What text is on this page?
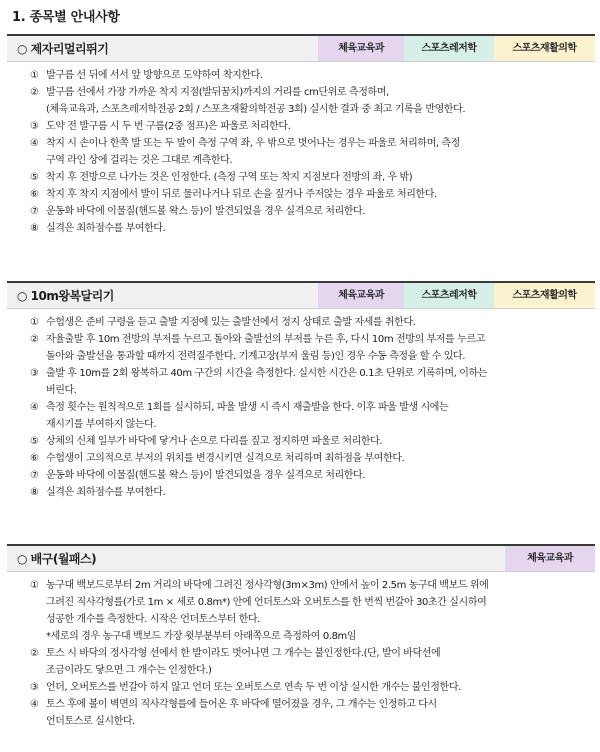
1. 종목별 안내사항
○ 제자리멀리뛰기	체육교육과	스포츠레저학	스포츠재활의학
① 발구름 선 뒤에 서서 앞 방향으로 도약하여 착지한다.
② 발구름 선에서 가장 가까운 착지 지점(발뒤꿈치)까지의 거리를 cm단위로 측정하며,
(체육교육과, 스포츠레저학전공 2회 / 스포츠재활의학전공 3회) 실시한 결과 중 최고 기록을 반영한다.
③ 도약 전 발구름 시 두 번 구름(2중 점프)은 파울로 처리한다.
④ 착지 시 손이나 한쪽 발 또는 두 발이 측정 구역 좌, 우 밖으로 벗어나는 경우는 파울로 처리하며, 측정
구역 라인 상에 걸리는 것은 그대로 계측한다.
⑤ 착지 후 전방으로 나가는 것은 인정한다. (측정 구역 또는 착지 지점보다 전방의 좌, 우 밖)
⑥ 착지 후 착지 지점에서 발이 뒤로 물러나거나 뒤로 손을 짚거나 주저앉는 경우 파울로 처리한다.
⑦ 운동화 바닥에 이물질(핸드볼 왁스 등)이 발견되었을 경우 실격으로 처리한다.
⑧ 실격은 최하점수를 부여한다.
○ 10m왕복달리기	체육교육과	스포츠레저학	스포츠재활의학
① 수험생은 준비 구령을 듣고 출발 지점에 있는 출발선에서 정지 상태로 출발 자세를 취한다.
② 자율출발 후 10m 전방의 부저를 누르고 돌아와 출발선의 부저를 누른 후, 다시 10m 전방의 부저를 누르고
돌아와 출발선을 통과할 때까지 전력질주한다. 기계고장(부저 울림 등)인 경우 수동 측정을 할 수 있다.
③ 출발 후 10m를 2회 왕복하고 40m 구간의 시간을 측정한다. 실시한 시간은 0.1초 단위로 기록하며, 이하는
버린다.
④ 측정 횟수는 원칙적으로 1회를 실시하되, 파울 발생 시 즉시 재출발을 한다. 이후 파울 발생 시에는
재시기를 부여하지 않는다.
⑤ 상체의 신체 일부가 바닥에 닿거나 손으로 다리를 짚고 정지하면 파울로 처리한다.
⑥ 수험생이 고의적으로 부저의 위치를 변경시키면 실격으로 처리하며 최하점을 부여한다.
⑦ 운동화 바닥에 이물질(핸드볼 왁스 등)이 발견되었을 경우 실격으로 처리한다.
⑧ 실격은 최하점수를 부여한다.
○ 배구(월패스)	체육교육과
① 농구대 백보드로부터 2m 거리의 바닥에 그려진 정사각형(3m×3m) 안에서 높이 2.5m 농구대 백보드 위에
그려진 직사각형를(가로 1m × 세로 0.8m*) 안에 언더토스와 오버토스를 한 번씩 번갈아 30초간 실시하여
성공한 개수를 측정한다. 시작은 언더토스부터 한다.
*세로의 경우 농구대 백보드 가장 윗부분부터 아래쪽으로 측정하여 0.8m임
② 토스 시 바닥의 정사각형 선에서 한 발이라도 벗어나면 그 개수는 불인정한다.(단, 발이 바닥선에
조금이라도 닿으면 그 개수는 인정한다.)
③ 언더, 오버토스를 번갈아 하지 않고 언더 또는 오버토스로 연속 두 번 이상 실시한 개수는 불인정한다.
④ 토스 후에 볼이 벽면의 직사각형를에 들어온 후 바닥에 떨어졌을 경우, 그 개수는 인정하고 다시
언더토스로 실시한다.
